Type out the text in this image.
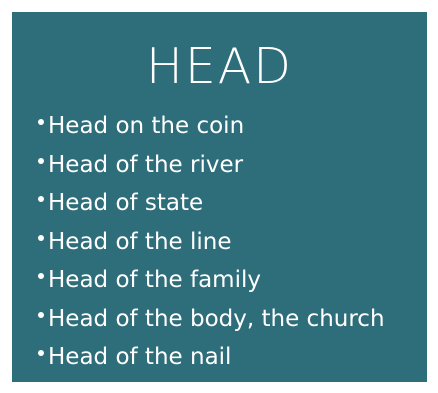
HEAD
Head on the coin
Head of the river
Head of state
Head of the line
Head of the family
Head of the body, the church
Head of the nail
